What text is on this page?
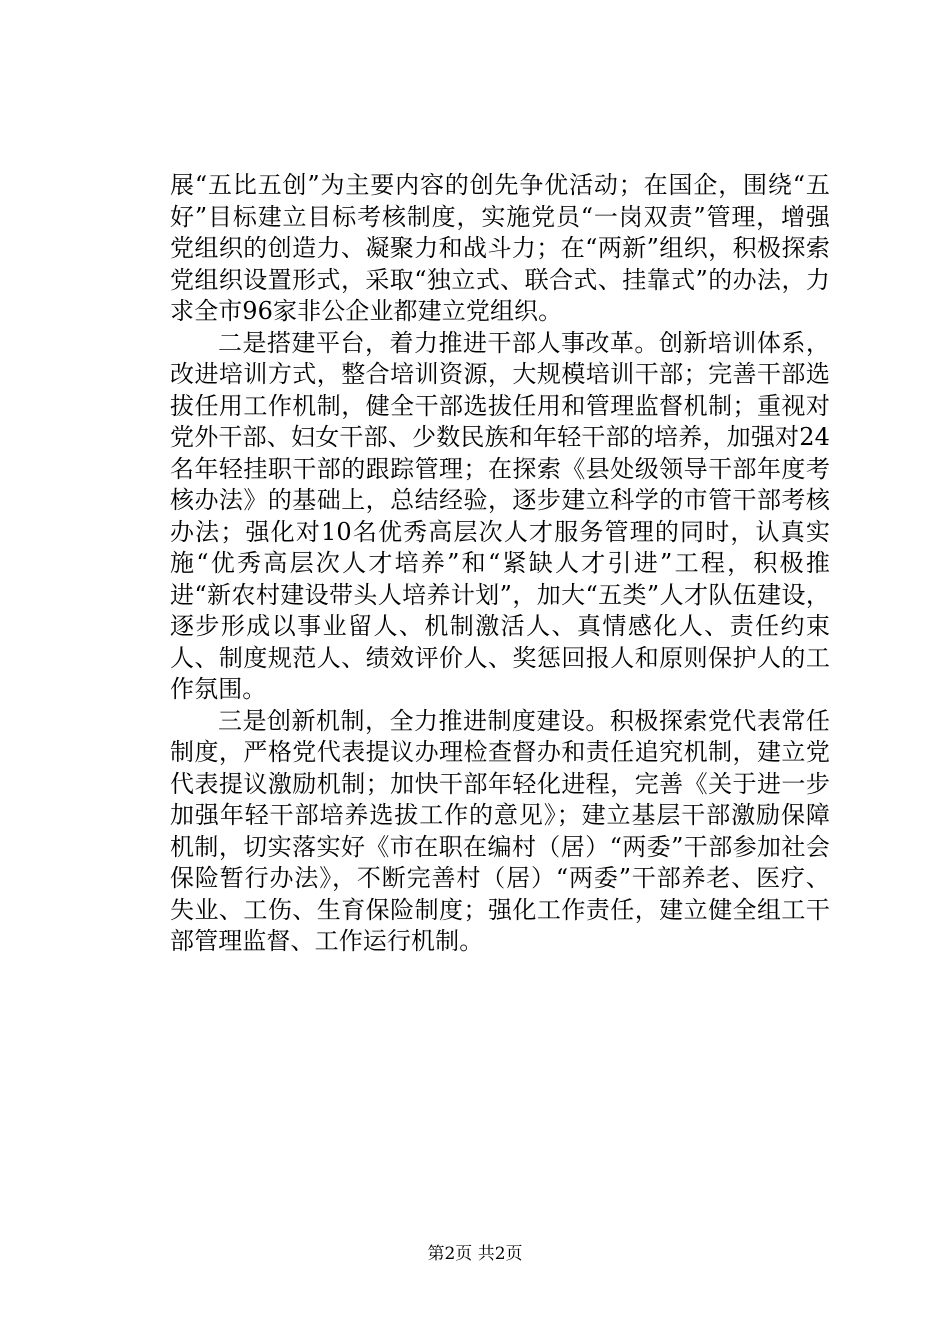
展“五比五创”为主要内容的创先争优活动；在国企，围绕“五好”目标建立目标考核制度，实施党员“一岗双责”管理，增强党组织的创造力、凝聚力和战斗力；在“两新”组织，积极探索党组织设置形式，采取“独立式、联合式、挂靠式”的办法，力求全市96家非公企业都建立党组织。

二是搭建平台，着力推进干部人事改革。创新培训体系，改进培训方式，整合培训资源，大规模培训干部；完善干部选拔任用工作机制，健全干部选拔任用和管理监督机制；重视对党外干部、妇女干部、少数民族和年轻干部的培养，加强对24名年轻挂职干部的跟踪管理；在探索《县处级领导干部年度考核办法》的基础上，总结经验，逐步建立科学的市管干部考核办法；强化对10名优秀高层次人才服务管理的同时，认真实施“优秀高层次人才培养”和“紧缺人才引进”工程，积极推进“新农村建设带头人培养计划”，加大“五类”人才队伍建设，逐步形成以事业留人、机制激活人、真情感化人、责任约束人、制度规范人、绩效评价人、奖惩回报人和原则保护人的工作氛围。

三是创新机制，全力推进制度建设。积极探索党代表常任制度，严格党代表提议办理检查督办和责任追究机制，建立党代表提议激励机制；加快干部年轻化进程，完善《关于进一步加强年轻干部培养选拔工作的意见》；建立基层干部激励保障机制，切实落实好《市在职在编村（居）“两委”干部参加社会保险暂行办法》，不断完善村（居）“两委”干部养老、医疗、失业、工伤、生育保险制度；强化工作责任，建立健全组工干部管理监督、工作运行机制。

第2页 共2页
